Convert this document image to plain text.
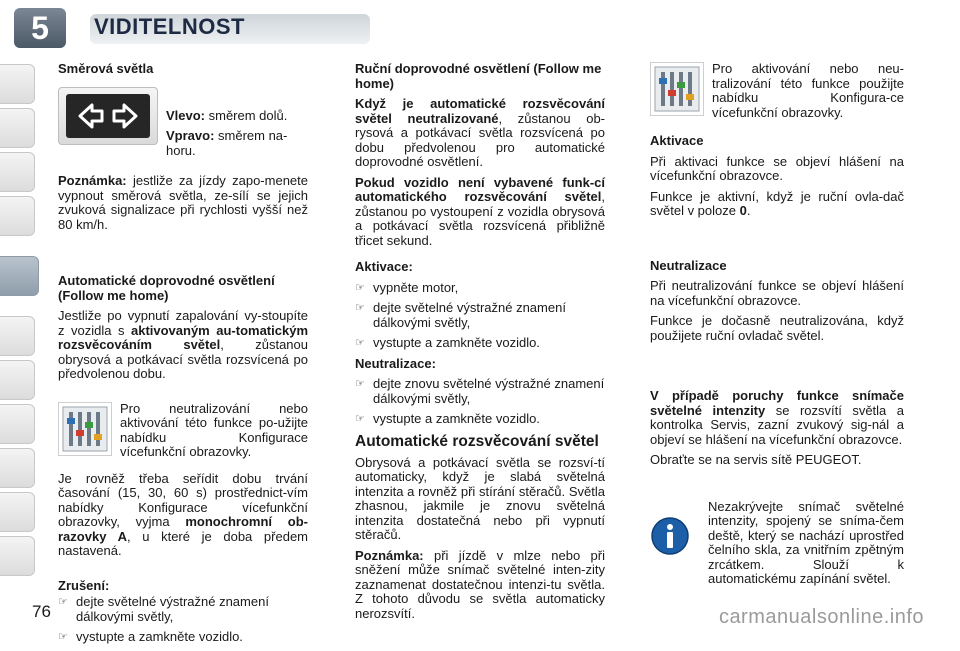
5	VIDITELNOST

Směrová světla

Vlevo: směrem dolů.

Vpravo: směrem na-horu.

Poznámka: jestliže za jízdy zapo-menete vypnout směrová světla, ze-sílí se jejich zvuková signalizace při rychlosti vyšší než 80 km/h.

Automatické doprovodné osvětlení (Follow me home)

Jestliže po vypnutí zapalování vy-stoupíte z vozidla s aktivovaným au-tomatickým rozsvěcováním světel, zůstanou obrysová a potkávací světla rozsvícená po předvolenou dobu.

Pro neutralizování nebo aktivování této funkce po-užijte nabídku Konfigurace vícefunkční obrazovky.

Je rovněž třeba seřídit dobu trvání časování (15, 30, 60 s) prostřednict-vím nabídky Konfigurace vícefunkční obrazovky, vyjma monochromní ob-razovky A, u které je doba předem nastavená.

Zrušení:

☞ dejte světelné výstražné znamení dálkovými světly,
☞ vystupte a zamkněte vozidlo.

Ruční doprovodné osvětlení (Follow me home)

Když je automatické rozsvěcování světel neutralizované, zůstanou ob-rysová a potkávací světla rozsvícená po dobu předvolenou pro automatické doprovodné osvětlení.

Pokud vozidlo není vybavené funk-cí automatického rozsvěcování světel, zůstanou po vystoupení z vozidla obrysová a potkávací světla rozsvícená přibližně třicet sekund.

Aktivace:

☞ vypněte motor,
☞ dejte světelné výstražné znamení dálkovými světly,
☞ vystupte a zamkněte vozidlo.

Neutralizace:

☞ dejte znovu světelné výstražné znamení dálkovými světly,
☞ vystupte a zamkněte vozidlo.

Automatické rozsvěcování světel

Obrysová a potkávací světla se rozsví-tí automaticky, když je slabá světelná intenzita a rovněž při stírání stěračů. Světla zhasnou, jakmile je znovu světelná intenzita dostatečná nebo při vypnutí stěračů.

Poznámka: při jízdě v mlze nebo při sněžení může snímač světelné inten-zity zaznamenat dostatečnou intenzi-tu světla. Z tohoto důvodu se světla automaticky nerozsvítí.

Pro aktivování nebo neu-tralizování této funkce použijte nabídku Konfigura-ce vícefunkční obrazovky.

Aktivace

Při aktivaci funkce se objeví hlášení na vícefunkční obrazovce.

Funkce je aktivní, když je ruční ovla-dač světel v poloze 0.

Neutralizace

Při neutralizování funkce se objeví hlášení na vícefunkční obrazovce.

Funkce je dočasně neutralizována, když použijete ruční ovladač světel.

V případě poruchy funkce snímače světelné intenzity se rozsvítí světla a kontrolka Servis, zazní zvukový sig-nál a objeví se hlášení na vícefunkční obrazovce.

Obraťte se na servis sítě PEUGEOT.

Nezakrývejte snímač světelné intenzity, spojený se sníma-čem deště, který se nachází uprostřed čelního skla, za vnitřním zpětným zrcátkem. Slouží k automatickému zapínání světel.

76	carmanualsonline.info
